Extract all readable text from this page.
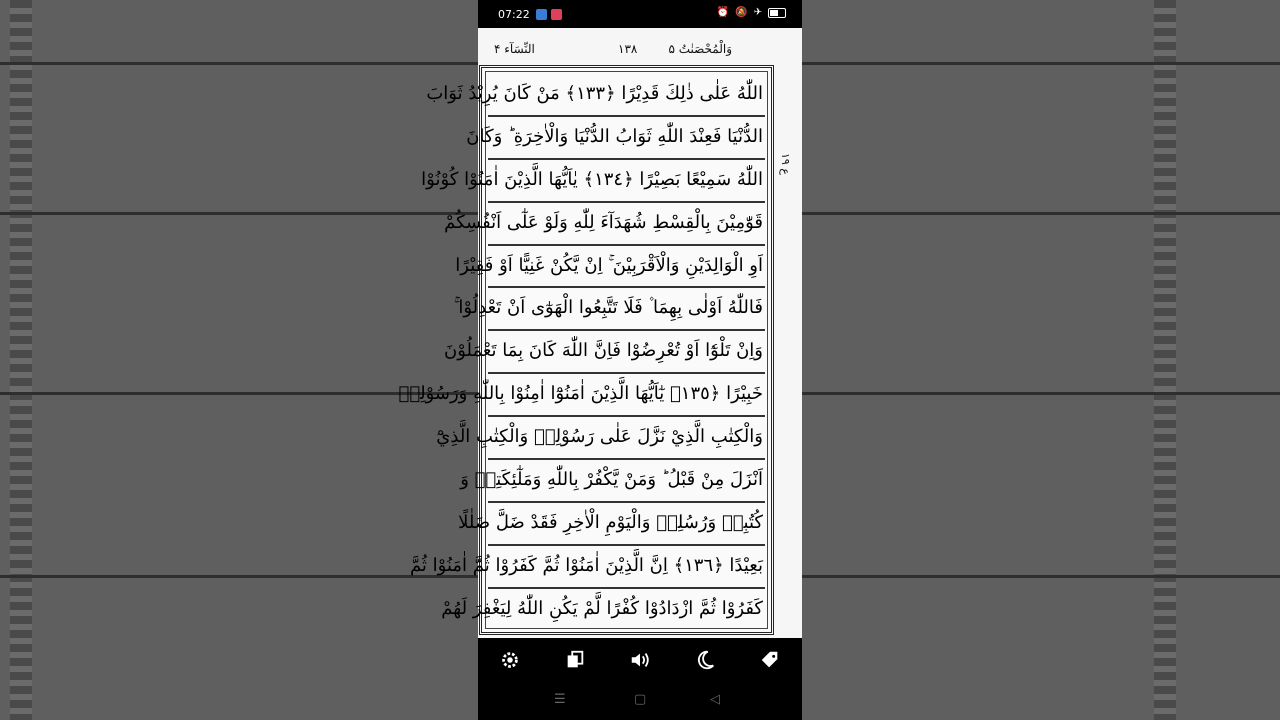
07:22	⏰ 🔕 ✈
وَالْمُحْصَنٰتُ ۵
۱۳۸
النِّسَآء ۴
اللّٰهُ عَلٰى ذٰلِكَ قَدِيْرًا ﴿١٣٣﴾ مَنْ كَانَ يُرِيْدُ ثَوَابَ
الدُّنْيَا فَعِنْدَ اللّٰهِ ثَوَابُ الدُّنْيَا وَالْاٰخِرَةِ ؕ وَكَانَ
اللّٰهُ سَمِيْعًا بَصِيْرًا ﴿١٣٤﴾ يٰاَيُّهَا الَّذِيْنَ اٰمَنُوْا كُوْنُوْا
قَوّٰمِيْنَ بِالْقِسْطِ شُهَدَآءَ لِلّٰهِ وَلَوْ عَلٰٓى اَنْفُسِكُمْ
اَوِ الْوَالِدَيْنِ وَالْاَقْرَبِيْنَ ۚ اِنْ يَّكُنْ غَنِيًّا اَوْ فَقِيْرًا
فَاللّٰهُ اَوْلٰى بِهِمَا ۫ فَلَا تَتَّبِعُوا الْهَوٰٓى اَنْ تَعْدِلُوْا ۚ
وَاِنْ تَلْوٗٓا اَوْ تُعْرِضُوْا فَاِنَّ اللّٰهَ كَانَ بِمَا تَعْمَلُوْنَ
خَبِيْرًا ﴿١٣٥﴾ يٰٓاَيُّهَا الَّذِيْنَ اٰمَنُوْٓا اٰمِنُوْا بِاللّٰهِ وَرَسُوْلِهٖ
وَالْكِتٰبِ الَّذِيْ نَزَّلَ عَلٰى رَسُوْلِهٖ وَالْكِتٰبِ الَّذِيْٓ
اَنْزَلَ مِنْ قَبْلُ ؕ وَمَنْ يَّكْفُرْ بِاللّٰهِ وَمَلٰٓئِكَتِهٖ وَ
كُتُبِهٖ وَرُسُلِهٖ وَالْيَوْمِ الْاٰخِرِ فَقَدْ ضَلَّ ضَلٰلًا
بَعِيْدًا ﴿١٣٦﴾ اِنَّ الَّذِيْنَ اٰمَنُوْا ثُمَّ كَفَرُوْا ثُمَّ اٰمَنُوْا ثُمَّ
كَفَرُوْا ثُمَّ ازْدَادُوْا كُفْرًا لَّمْ يَكُنِ اللّٰهُ لِيَغْفِرَ لَهُمْ
ع ١٩
☰	▢	◁
